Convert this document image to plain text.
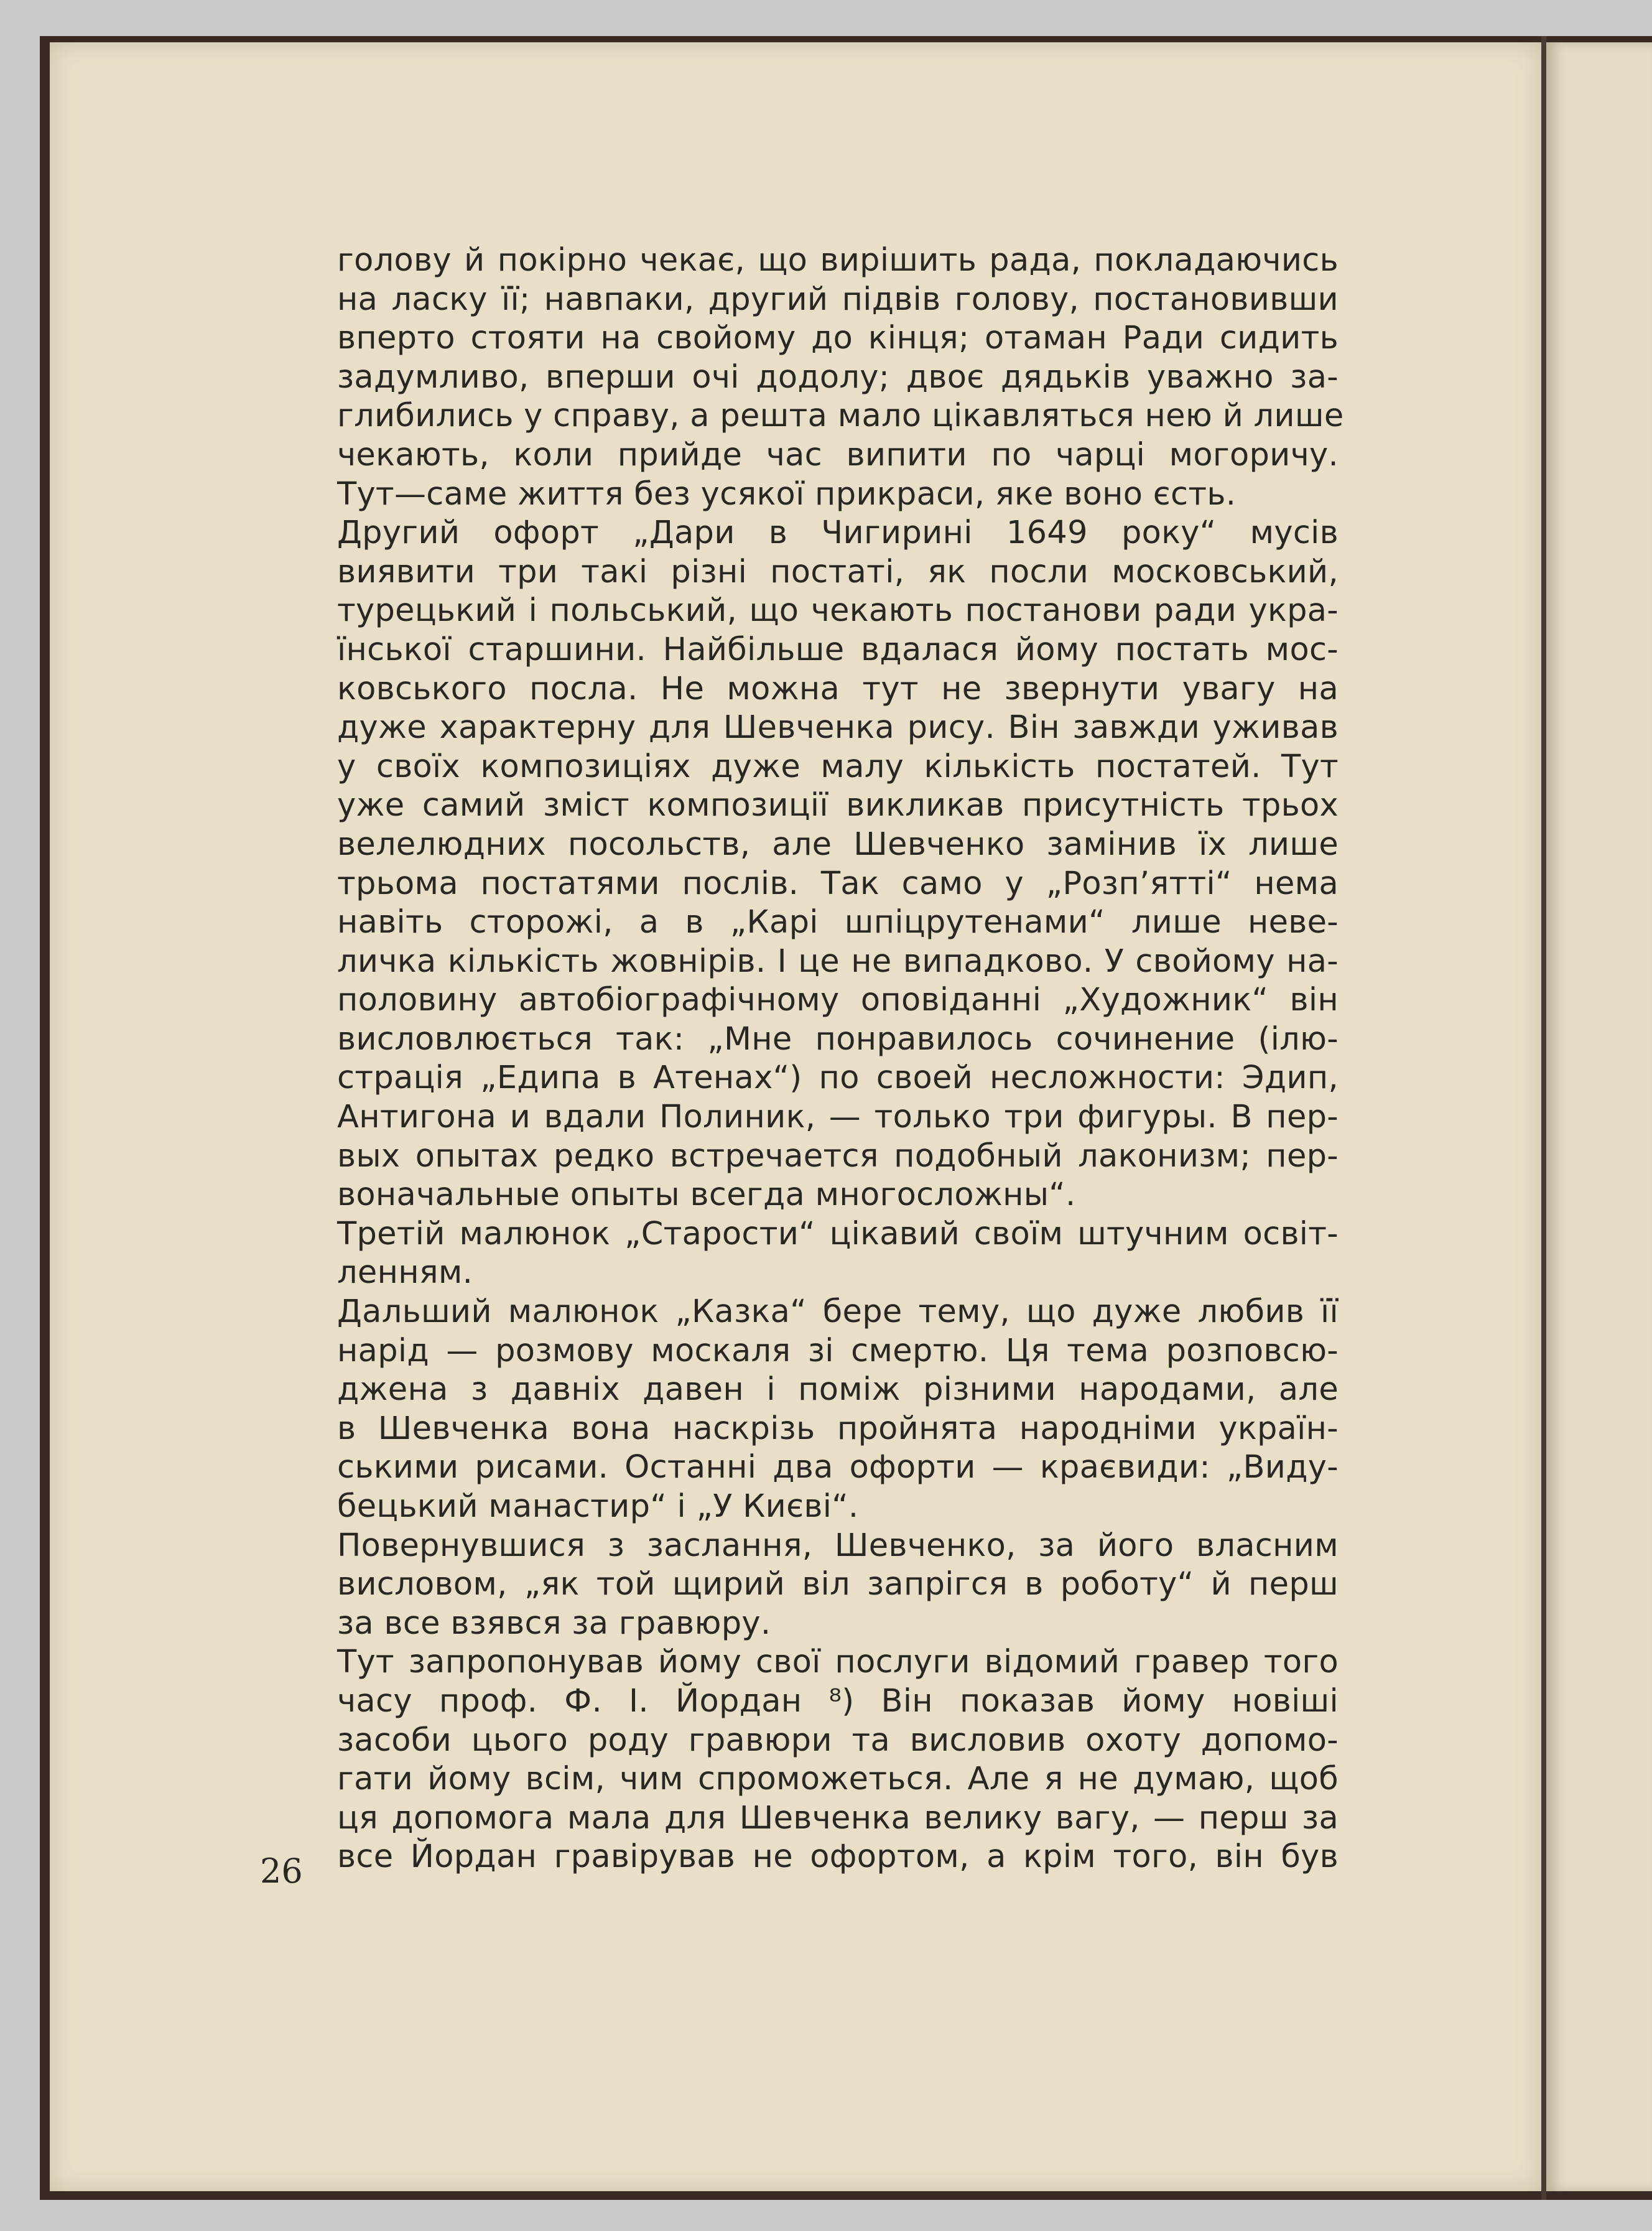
голову й покірно чекає, що вирішить рада, покладаючись
на ласку її; навпаки, другий підвів голову, постановивши
вперто стояти на свойому до кінця; отаман Ради сидить
задумливо, вперши очі додолу; двоє дядьків уважно за-
глибились у справу, а решта мало цікавляться нею й лише
чекають, коли прийде час випити по чарці могоричу.
Тут—саме життя без усякої прикраси, яке воно єсть.
Другий офорт „Дари в Чигирині 1649 року“ мусів
виявити три такі різні постаті, як посли московський,
турецький і польський, що чекають постанови ради укра-
їнської старшини. Найбільше вдалася йому постать мос-
ковського посла. Не можна тут не звернути увагу на
дуже характерну для Шевченка рису. Він завжди уживав
у своїх композиціях дуже малу кількість постатей. Тут
уже самий зміст композиції викликав присутність трьох
велелюдних посольств, але Шевченко замінив їх лише
трьома постатями послів. Так само у „Розп’ятті“ нема
навіть сторожі, а в „Карі шпіцрутенами“ лише неве-
личка кількість жовнірів. І це не випадково. У свойому на-
половину автобіографічному оповіданні „Художник“ він
висловлюється так: „Мне понравилось сочинение (ілю-
страція „Едипа в Атенах“) по своей несложности: Эдип,
Антигона и вдали Полиник, — только три фигуры. В пер-
вых опытах редко встречается подобный лаконизм; пер-
воначальные опыты всегда многосложны“.
Третій малюнок „Старости“ цікавий своїм штучним освіт-
ленням.
Дальший малюнок „Казка“ бере тему, що дуже любив її
нарід — розмову москаля зі смертю. Ця тема розповсю-
джена з давніх давен і поміж різними народами, але
в Шевченка вона наскрізь пройнята народніми україн-
ськими рисами. Останні два офорти — краєвиди: „Виду-
бецький манастир“ і „У Києві“.
Повернувшися з заслання, Шевченко, за його власним
висловом, „як той щирий віл запрігся в роботу“ й перш
за все взявся за гравюру.
Тут запропонував йому свої послуги відомий гравер того
часу проф. Ф. І. Йордан ⁸) Він показав йому новіші
засоби цього роду гравюри та висловив охоту допомо-
гати йому всім, чим спроможеться. Але я не думаю, щоб
ця допомога мала для Шевченка велику вагу, — перш за
все Йордан гравірував не офортом, а крім того, він був
26
